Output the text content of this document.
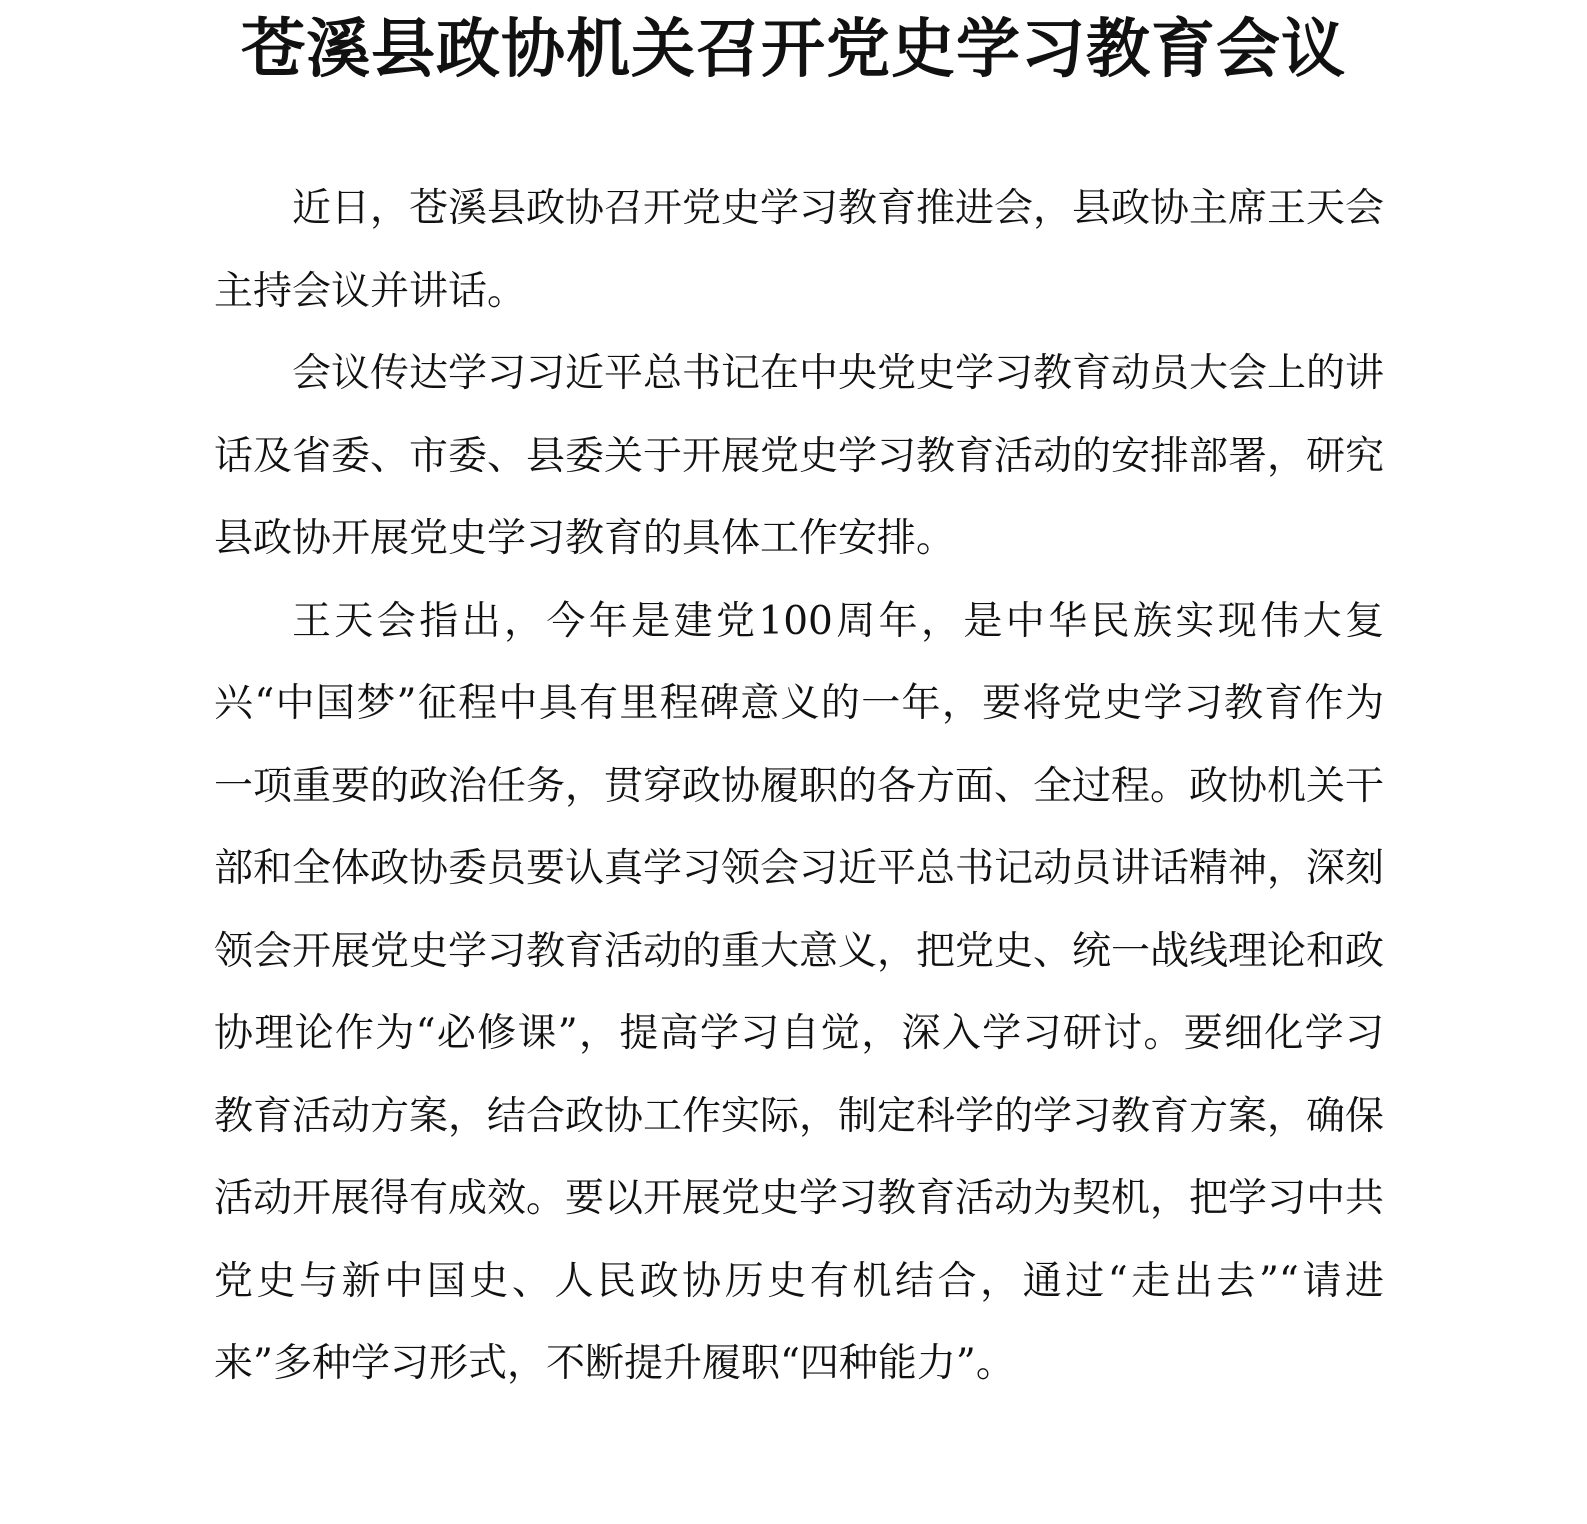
苍溪县政协机关召开党史学习教育会议

近日，苍溪县政协召开党史学习教育推进会，县政协主席王天会主持会议并讲话。

会议传达学习习近平总书记在中央党史学习教育动员大会上的讲话及省委、市委、县委关于开展党史学习教育活动的安排部署，研究县政协开展党史学习教育的具体工作安排。

王天会指出，今年是建党100周年，是中华民族实现伟大复兴“中国梦”征程中具有里程碑意义的一年，要将党史学习教育作为一项重要的政治任务，贯穿政协履职的各方面、全过程。政协机关干部和全体政协委员要认真学习领会习近平总书记动员讲话精神，深刻领会开展党史学习教育活动的重大意义，把党史、统一战线理论和政协理论作为“必修课”，提高学习自觉，深入学习研讨。要细化学习教育活动方案，结合政协工作实际，制定科学的学习教育方案，确保活动开展得有成效。要以开展党史学习教育活动为契机，把学习中共党史与新中国史、人民政协历史有机结合，通过“走出去”“请进来”多种学习形式，不断提升履职“四种能力”。
